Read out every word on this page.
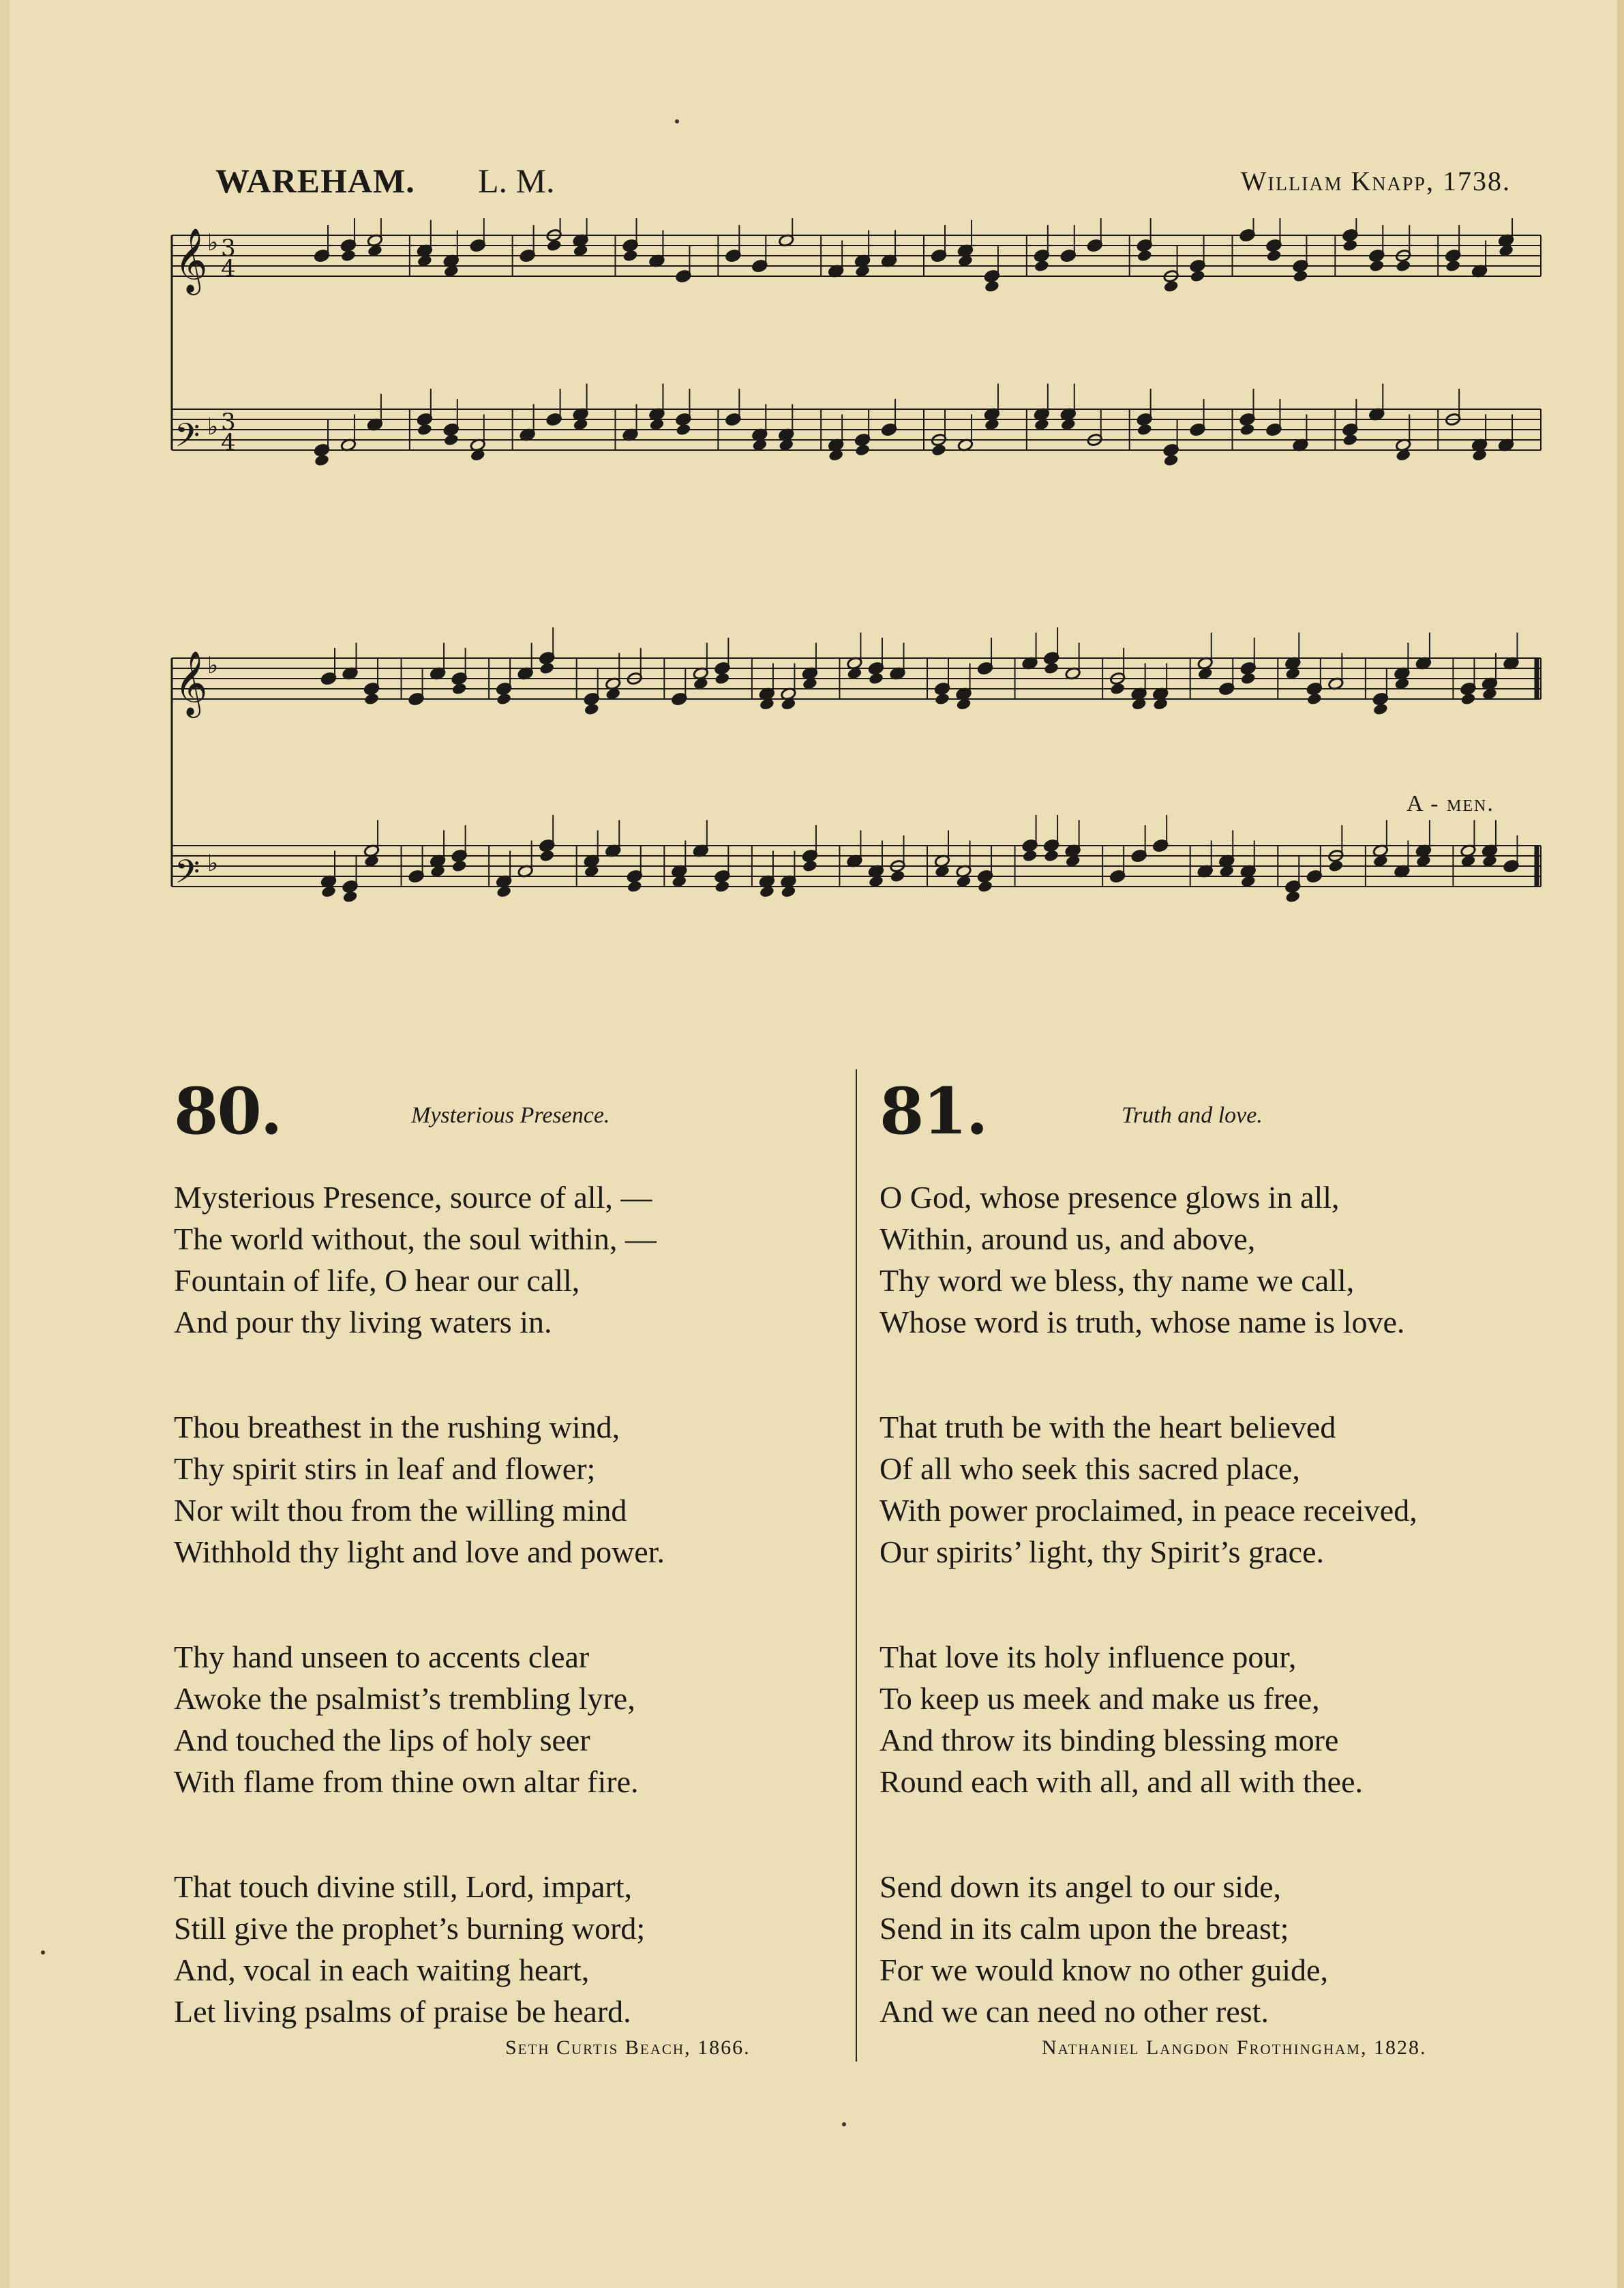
WAREHAM. L. M.	William Knapp, 1738.
𝄞 ♭ 3
4
𝄢 ♭ 3
4
𝄞 ♭
𝄢 ♭
A - men.
80.	Mysterious Presence.
Mysterious Presence, source of all, —
The world without, the soul within, —
Fountain of life, O hear our call,
And pour thy living waters in.
Thou breathest in the rushing wind,
Thy spirit stirs in leaf and flower;
Nor wilt thou from the willing mind
Withhold thy light and love and power.
Thy hand unseen to accents clear
Awoke the psalmist’s trembling lyre,
And touched the lips of holy seer
With flame from thine own altar fire.
That touch divine still, Lord, impart,
Still give the prophet’s burning word;
And, vocal in each waiting heart,
Let living psalms of praise be heard.
Seth Curtis Beach, 1866.
81.	Truth and love.
O God, whose presence glows in all,
Within, around us, and above,
Thy word we bless, thy name we call,
Whose word is truth, whose name is love.
That truth be with the heart believed
Of all who seek this sacred place,
With power proclaimed, in peace received,
Our spirits’ light, thy Spirit’s grace.
That love its holy influence pour,
To keep us meek and make us free,
And throw its binding blessing more
Round each with all, and all with thee.
Send down its angel to our side,
Send in its calm upon the breast;
For we would know no other guide,
And we can need no other rest.
Nathaniel Langdon Frothingham, 1828.
